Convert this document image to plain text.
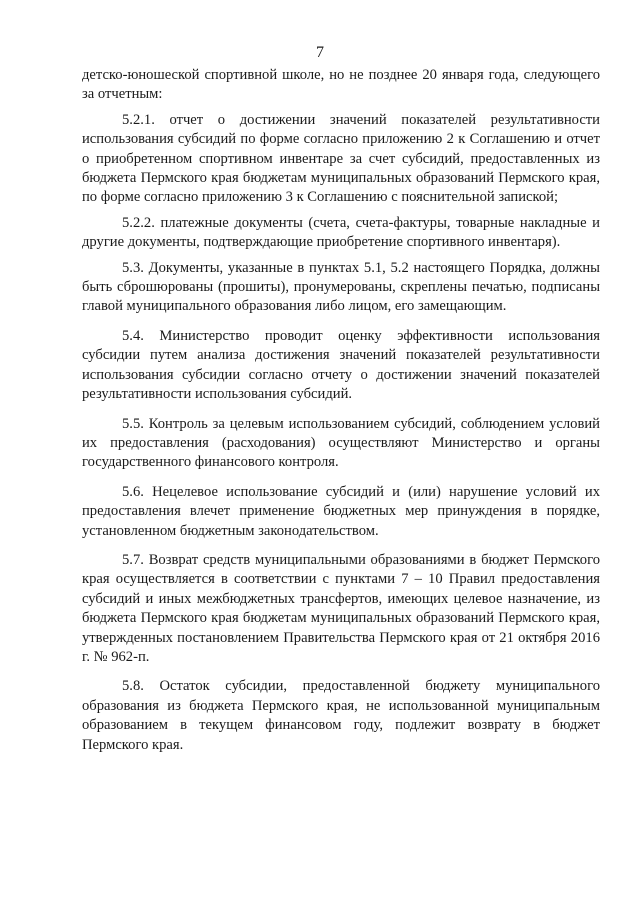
7

детско-юношеской спортивной школе, но не позднее 20 января года, следующего за отчетным:

5.2.1. отчет о достижении значений показателей результативности использования субсидий по форме согласно приложению 2 к Соглашению и отчет о приобретенном спортивном инвентаре за счет субсидий, предоставленных из бюджета Пермского края бюджетам муниципальных образований Пермского края, по форме согласно приложению 3 к Соглашению с пояснительной запиской;

5.2.2. платежные документы (счета, счета-фактуры, товарные накладные и другие документы, подтверждающие приобретение спортивного инвентаря).

5.3. Документы, указанные в пунктах 5.1, 5.2 настоящего Порядка, должны быть сброшюрованы (прошиты), пронумерованы, скреплены печатью, подписаны главой муниципального образования либо лицом, его замещающим.

5.4. Министерство проводит оценку эффективности использования субсидии путем анализа достижения значений показателей результативности использования субсидии согласно отчету о достижении значений показателей результативности использования субсидий.

5.5. Контроль за целевым использованием субсидий, соблюдением условий их предоставления (расходования) осуществляют Министерство и органы государственного финансового контроля.

5.6. Нецелевое использование субсидий и (или) нарушение условий их предоставления влечет применение бюджетных мер принуждения в порядке, установленном бюджетным законодательством.

5.7. Возврат средств муниципальными образованиями в бюджет Пермского края осуществляется в соответствии с пунктами 7 – 10 Правил предоставления субсидий и иных межбюджетных трансфертов, имеющих целевое назначение, из бюджета Пермского края бюджетам муниципальных образований Пермского края, утвержденных постановлением Правительства Пермского края от 21 октября 2016 г. № 962-п.

5.8. Остаток субсидии, предоставленной бюджету муниципального образования из бюджета Пермского края, не использованной муниципальным образованием в текущем финансовом году, подлежит возврату в бюджет Пермского края.
